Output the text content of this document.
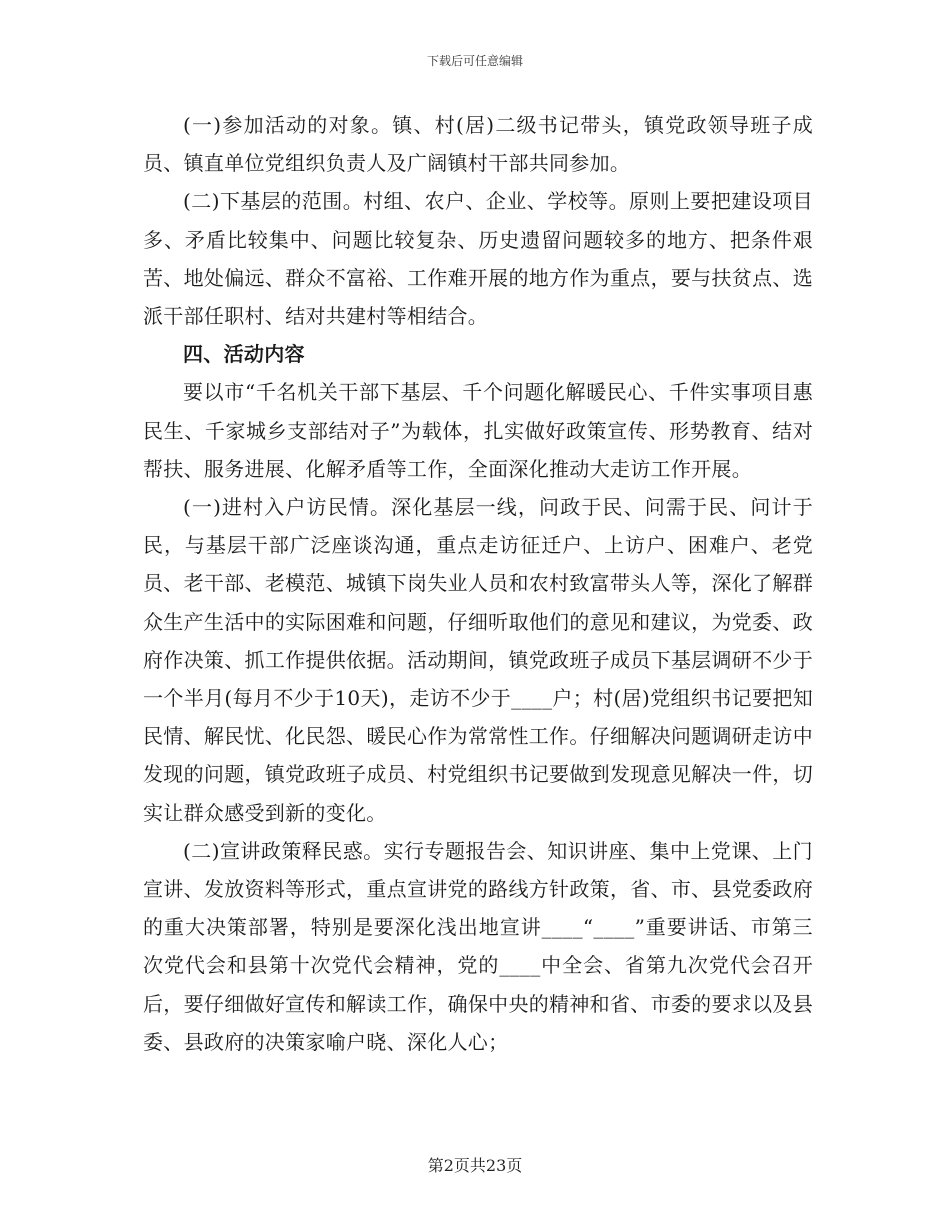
下载后可任意编辑

(一)参加活动的对象。镇、村(居)二级书记带头，镇党政领导班子成员、镇直单位党组织负责人及广阔镇村干部共同参加。

(二)下基层的范围。村组、农户、企业、学校等。原则上要把建设项目多、矛盾比较集中、问题比较复杂、历史遗留问题较多的地方、把条件艰苦、地处偏远、群众不富裕、工作难开展的地方作为重点，要与扶贫点、选派干部任职村、结对共建村等相结合。

四、活动内容

要以市“千名机关干部下基层、千个问题化解暖民心、千件实事项目惠民生、千家城乡支部结对子”为载体，扎实做好政策宣传、形势教育、结对帮扶、服务进展、化解矛盾等工作，全面深化推动大走访工作开展。

(一)进村入户访民情。深化基层一线，问政于民、问需于民、问计于民，与基层干部广泛座谈沟通，重点走访征迁户、上访户、困难户、老党员、老干部、老模范、城镇下岗失业人员和农村致富带头人等，深化了解群众生产生活中的实际困难和问题，仔细听取他们的意见和建议，为党委、政府作决策、抓工作提供依据。活动期间，镇党政班子成员下基层调研不少于一个半月(每月不少于10天)，走访不少于____户；村(居)党组织书记要把知民情、解民忧、化民怨、暖民心作为常常性工作。仔细解决问题调研走访中发现的问题，镇党政班子成员、村党组织书记要做到发现意见解决一件，切实让群众感受到新的变化。

(二)宣讲政策释民惑。实行专题报告会、知识讲座、集中上党课、上门宣讲、发放资料等形式，重点宣讲党的路线方针政策，省、市、县党委政府的重大决策部署，特别是要深化浅出地宣讲____“____”重要讲话、市第三次党代会和县第十次党代会精神，党的____中全会、省第九次党代会召开后，要仔细做好宣传和解读工作，确保中央的精神和省、市委的要求以及县委、县政府的决策家喻户晓、深化人心；

第2页共23页
